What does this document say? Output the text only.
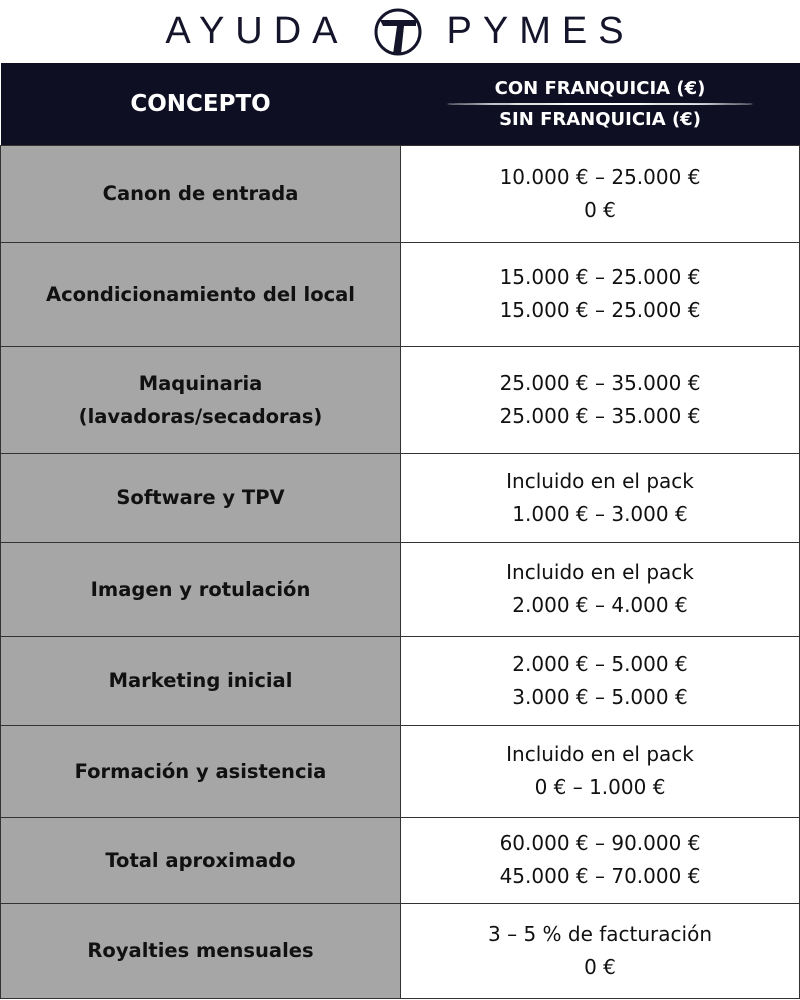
AYUDA	PYMES
CONCEPTO	CON FRANQUICIA (€)
SIN FRANQUICIA (€)

Canon de entrada	10.000 € – 25.000 €
0 €
Acondicionamiento del local	15.000 € – 25.000 €
15.000 € – 25.000 €
Maquinaria
(lavadoras/secadoras)	25.000 € – 35.000 €
25.000 € – 35.000 €
Software y TPV	Incluido en el pack
1.000 € – 3.000 €
Imagen y rotulación	Incluido en el pack
2.000 € – 4.000 €
Marketing inicial	2.000 € – 5.000 €
3.000 € – 5.000 €
Formación y asistencia	Incluido en el pack
0 € – 1.000 €
Total aproximado	60.000 € – 90.000 €
45.000 € – 70.000 €
Royalties mensuales	3 – 5 % de facturación
0 €
